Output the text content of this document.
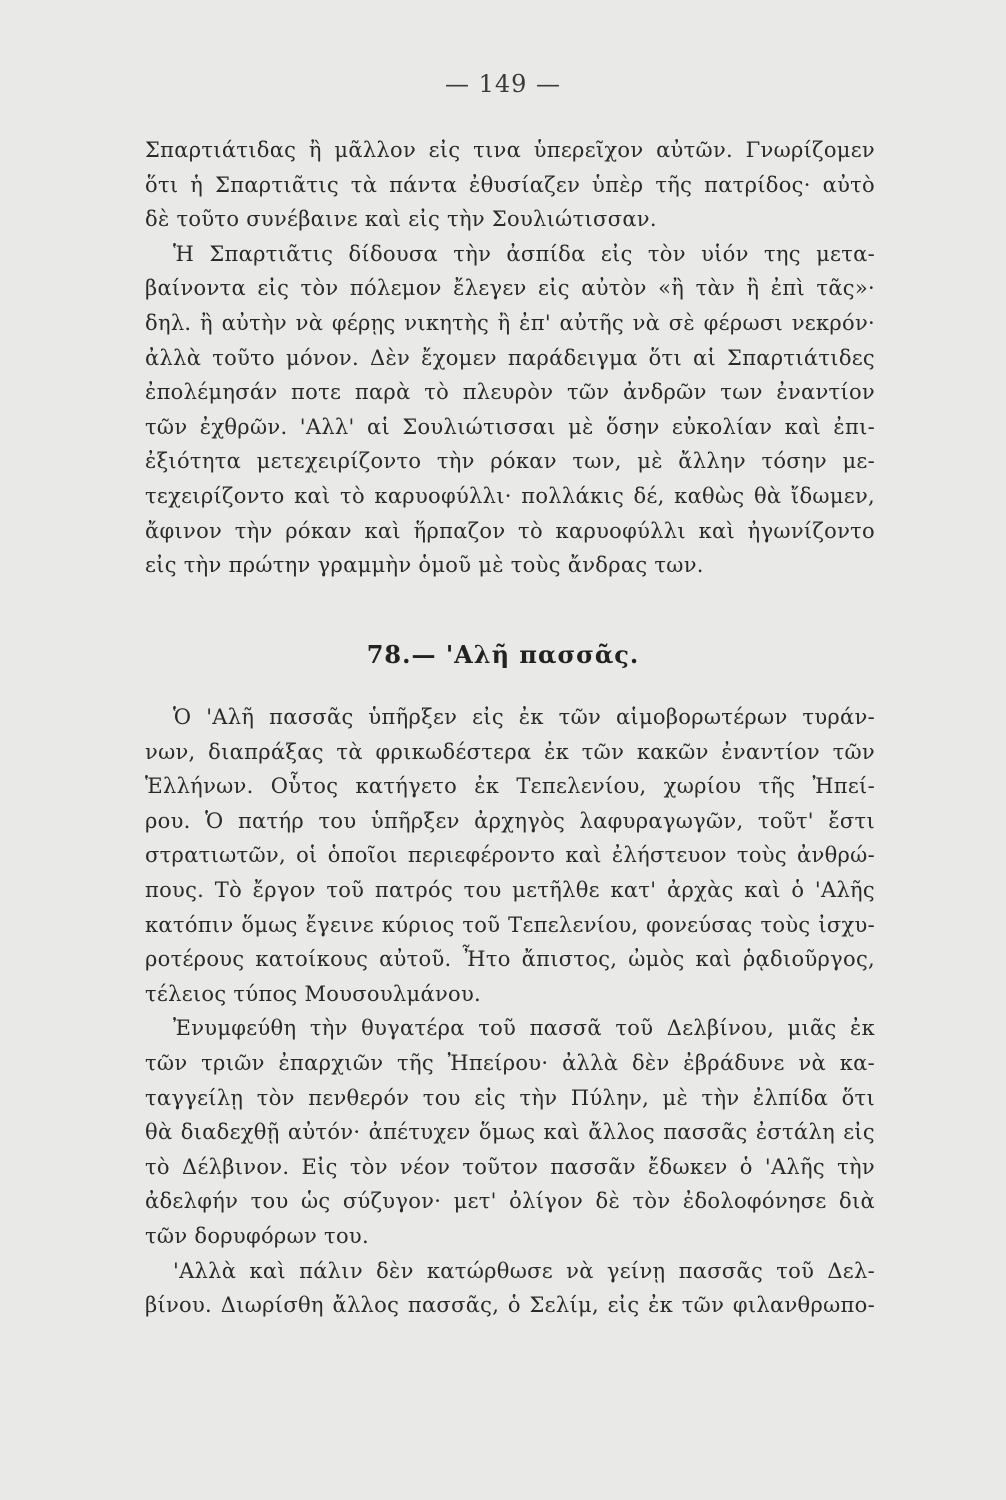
— 149 —
Σπαρτιάτιδας ἢ μᾶλλον εἰς τινα ὑπερεῖχον αὐτῶν. Γνωρίζομεν
ὅτι ἡ Σπαρτιᾶτις τὰ πάντα ἐθυσίαζεν ὑπὲρ τῆς πατρίδος· αὐτὸ
δὲ τοῦτο συνέβαινε καὶ εἰς τὴν Σουλιώτισσαν.
Ἡ Σπαρτιᾶτις δίδουσα τὴν ἀσπίδα εἰς τὸν υἱόν της μετα-
βαίνοντα εἰς τὸν πόλεμον ἔλεγεν εἰς αὐτὸν «ἢ τὰν ἢ ἐπὶ τᾶς»·
δηλ. ἢ αὐτὴν νὰ φέρῃς νικητὴς ἢ ἐπ' αὐτῆς νὰ σὲ φέρωσι νεκρόν·
ἀλλὰ τοῦτο μόνον. Δὲν ἔχομεν παράδειγμα ὅτι αἱ Σπαρτιάτιδες
ἐπολέμησάν ποτε παρὰ τὸ πλευρὸν τῶν ἀνδρῶν των ἐναντίον
τῶν ἐχθρῶν. 'Αλλ' αἱ Σουλιώτισσαι μὲ ὅσην εὐκολίαν καὶ ἐπι-
ἐξιότητα μετεχειρίζοντο τὴν ρόκαν των, μὲ ἄλλην τόσην με-
τεχειρίζοντο καὶ τὸ καρυοφύλλι· πολλάκις δέ, καθὼς θὰ ἴδωμεν,
ἄφινον τὴν ρόκαν καὶ ἥρπαζον τὸ καρυοφύλλι καὶ ἠγωνίζοντο
εἰς τὴν πρώτην γραμμὴν ὁμοῦ μὲ τοὺς ἄνδρας των.
78.— 'Αλῆ πασσᾶς.
Ὁ 'Αλῆ πασσᾶς ὑπῆρξεν εἰς ἐκ τῶν αἱμοβορωτέρων τυράν-
νων, διαπράξας τὰ φρικωδέστερα ἐκ τῶν κακῶν ἐναντίον τῶν
Ἑλλήνων. Οὗτος κατήγετο ἐκ Τεπελενίου, χωρίου τῆς Ἠπεί-
ρου. Ὁ πατήρ του ὑπῆρξεν ἀρχηγὸς λαφυραγωγῶν, τοῦτ' ἔστι
στρατιωτῶν, οἱ ὁποῖοι περιεφέροντο καὶ ἐλήστευον τοὺς ἀνθρώ-
πους. Τὸ ἔργον τοῦ πατρός του μετῆλθε κατ' ἀρχὰς καὶ ὁ 'Αλῆς
κατόπιν ὅμως ἔγεινε κύριος τοῦ Τεπελενίου, φονεύσας τοὺς ἰσχυ-
ροτέρους κατοίκους αὐτοῦ. Ἦτο ἄπιστος, ὠμὸς καὶ ῥᾳδιοῦργος,
τέλειος τύπος Μουσουλμάνου.
Ἐνυμφεύθη τὴν θυγατέρα τοῦ πασσᾶ τοῦ Δελβίνου, μιᾶς ἐκ
τῶν τριῶν ἐπαρχιῶν τῆς Ἠπείρου· ἀλλὰ δὲν ἐβράδυνε νὰ κα-
ταγγείλῃ τὸν πενθερόν του εἰς τὴν Πύλην, μὲ τὴν ἐλπίδα ὅτι
θὰ διαδεχθῇ αὐτόν· ἀπέτυχεν ὅμως καὶ ἄλλος πασσᾶς ἐστάλη εἰς
τὸ Δέλβινον. Εἰς τὸν νέον τοῦτον πασσᾶν ἔδωκεν ὁ 'Αλῆς τὴν
ἀδελφήν του ὡς σύζυγον· μετ' ὀλίγον δὲ τὸν ἐδολοφόνησε διὰ
τῶν δορυφόρων του.
'Αλλὰ καὶ πάλιν δὲν κατώρθωσε νὰ γείνῃ πασσᾶς τοῦ Δελ-
βίνου. Διωρίσθη ἄλλος πασσᾶς, ὁ Σελίμ, εἰς ἐκ τῶν φιλανθρωπο-
